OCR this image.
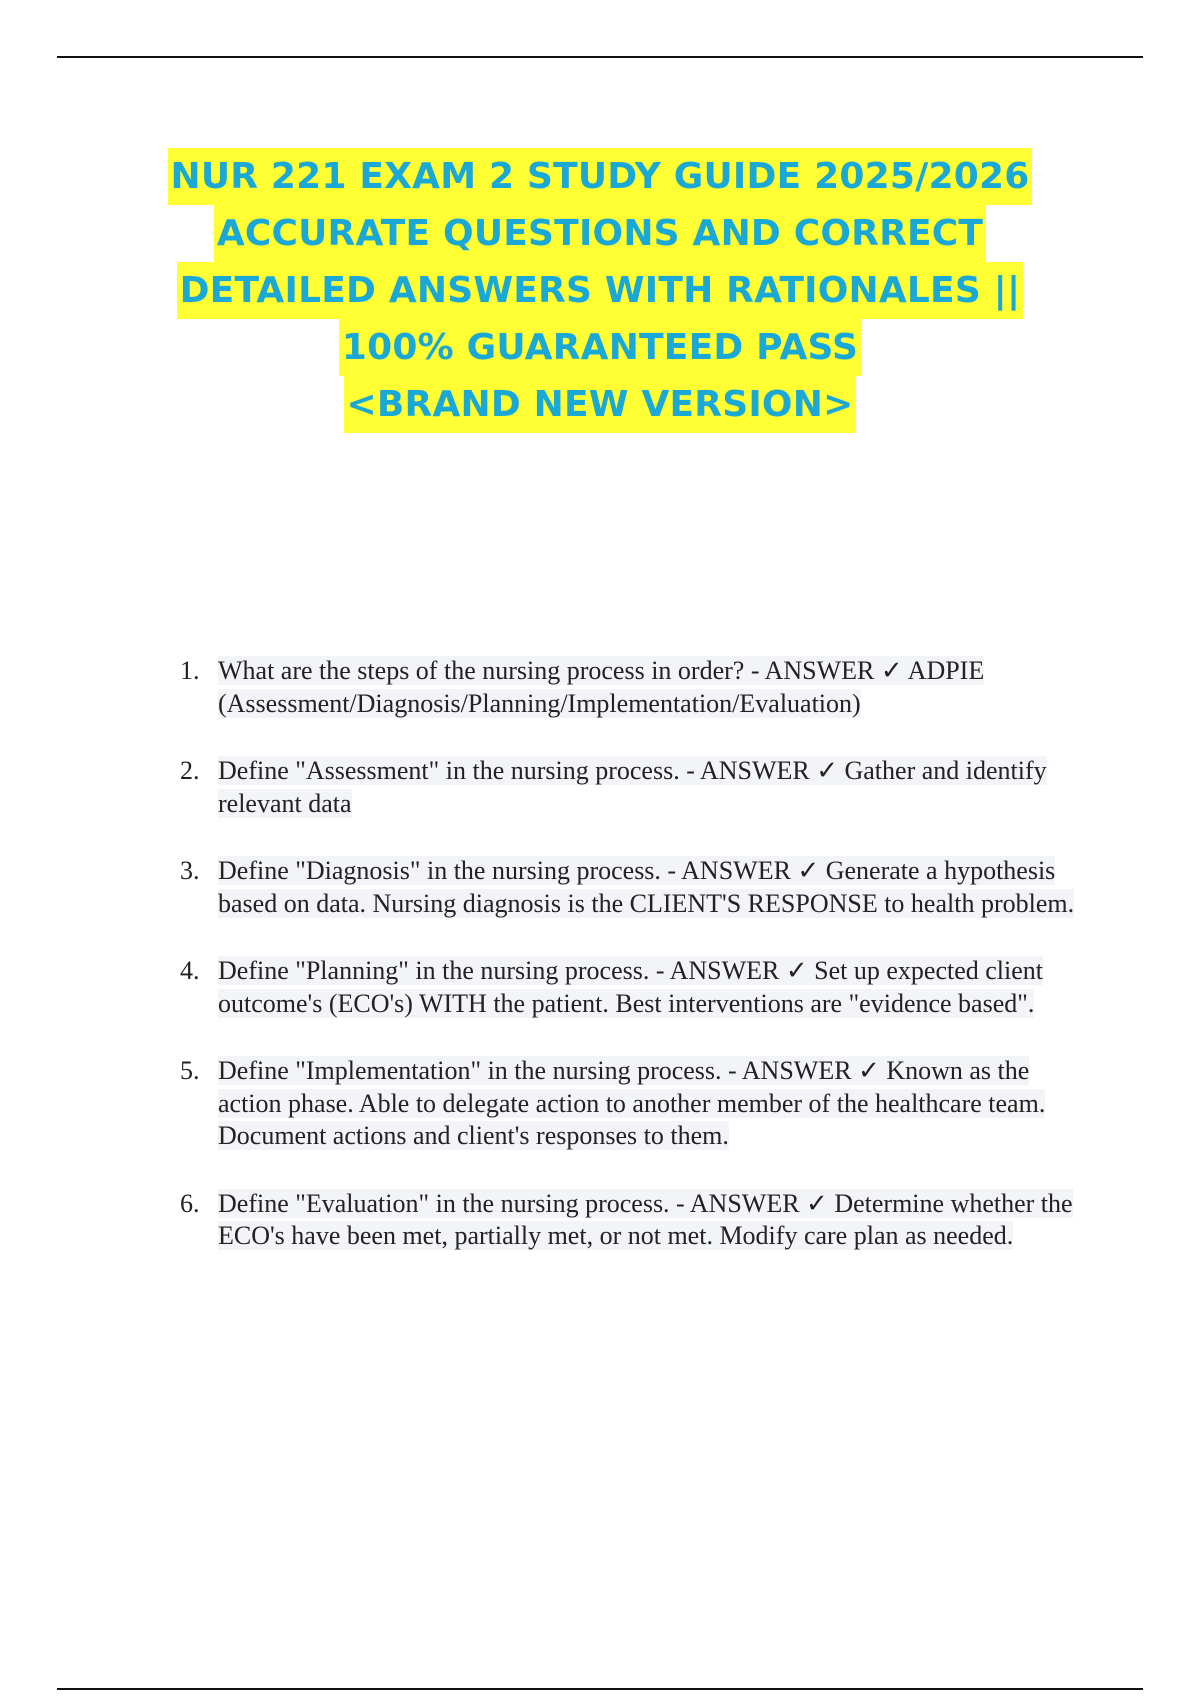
NUR 221 EXAM 2 STUDY GUIDE 2025/2026
ACCURATE QUESTIONS AND CORRECT
DETAILED ANSWERS WITH RATIONALES ||
100% GUARANTEED PASS
<BRAND NEW VERSION>
1. What are the steps of the nursing process in order? - ANSWER ✓ ADPIE (Assessment/Diagnosis/Planning/Implementation/Evaluation)
2. Define "Assessment" in the nursing process. - ANSWER ✓ Gather and identify relevant data
3. Define "Diagnosis" in the nursing process. - ANSWER ✓ Generate a hypothesis based on data. Nursing diagnosis is the CLIENT'S RESPONSE to health problem.
4. Define "Planning" in the nursing process. - ANSWER ✓ Set up expected client outcome's (ECO's) WITH the patient. Best interventions are "evidence based".
5. Define "Implementation" in the nursing process. - ANSWER ✓ Known as the action phase. Able to delegate action to another member of the healthcare team. Document actions and client's responses to them.
6. Define "Evaluation" in the nursing process. - ANSWER ✓ Determine whether the ECO's have been met, partially met, or not met. Modify care plan as needed.
